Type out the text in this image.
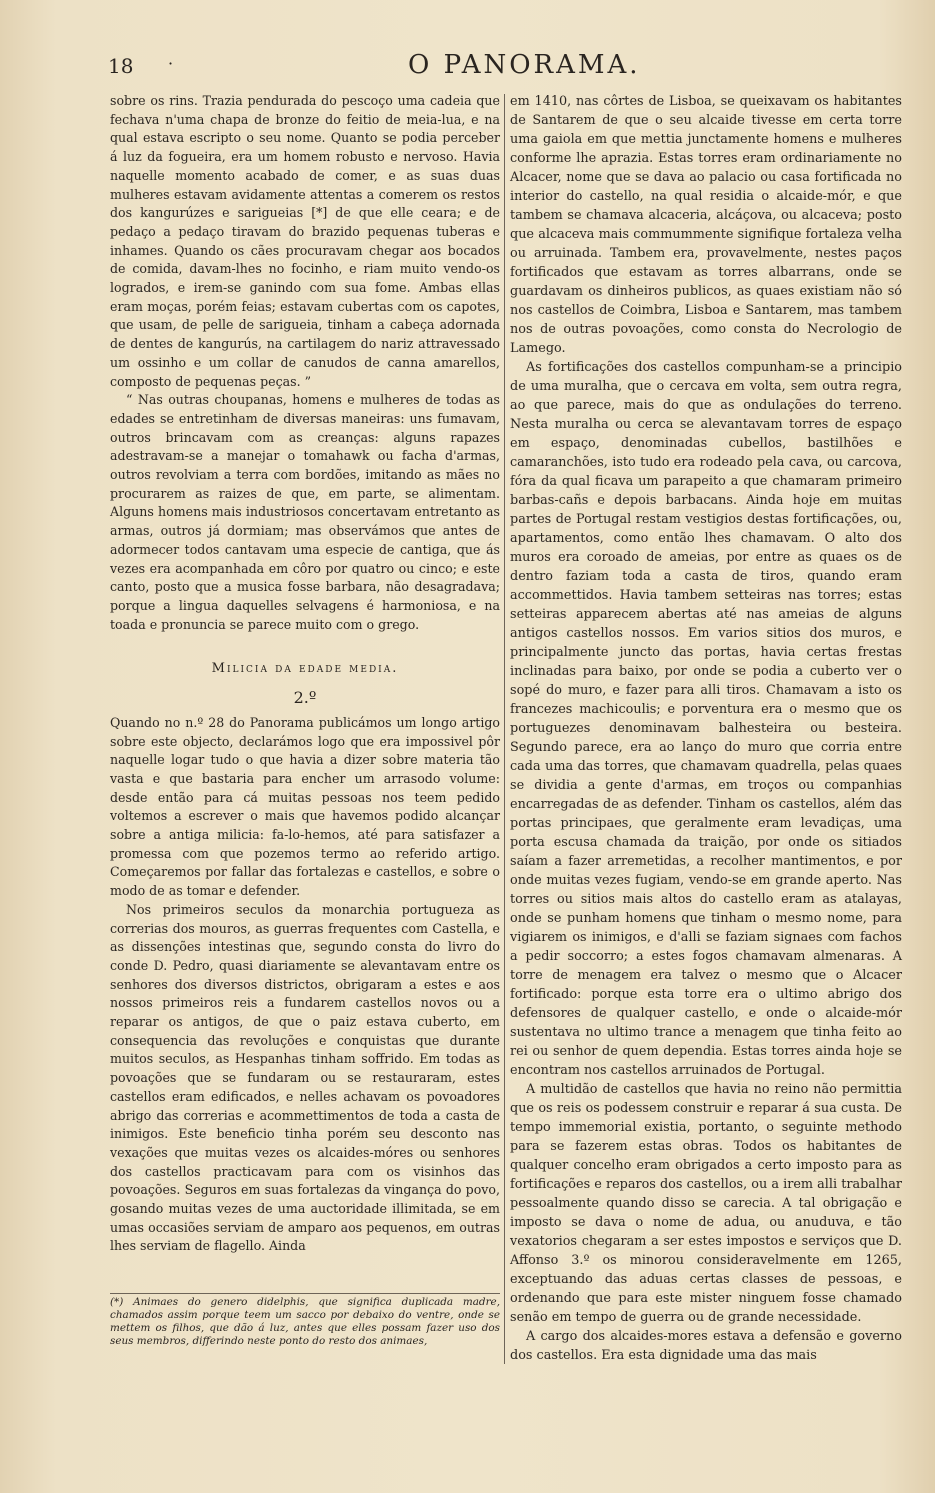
18 ·	O PANORAMA.

sobre os rins. Trazia pendurada do pescoço uma cadeia que fechava n'uma chapa de bronze do feitio de meia-lua, e na qual estava escripto o seu nome. Quanto se podia perceber á luz da fogueira, era um homem robusto e nervoso. Havia naquelle momento acabado de comer, e as suas duas mulheres estavam avidamente attentas a comerem os restos dos kangurúzes e sarigueias [*] de que elle ceara; e de pedaço a pedaço tiravam do brazido pequenas tuberas e inhames. Quando os cães procuravam chegar aos bocados de comida, davam-lhes no focinho, e riam muito vendo-os logrados, e irem-se ganindo com sua fome. Ambas ellas eram moças, porém feias; estavam cubertas com os capotes, que usam, de pelle de sarigueia, tinham a cabeça adornada de dentes de kangurús, na cartilagem do nariz attravessado um ossinho e um collar de canudos de canna amarellos, composto de pequenas peças. ”

“ Nas outras choupanas, homens e mulheres de todas as edades se entretinham de diversas maneiras: uns fumavam, outros brincavam com as creanças: alguns rapazes adestravam-se a manejar o tomahawk ou facha d'armas, outros revolviam a terra com bordões, imitando as mães no procurarem as raizes de que, em parte, se alimentam. Alguns homens mais industriosos concertavam entretanto as armas, outros já dormiam; mas observámos que antes de adormecer todos cantavam uma especie de cantiga, que ás vezes era acompanhada em côro por quatro ou cinco; e este canto, posto que a musica fosse barbara, não desagradava; porque a lingua daquelles selvagens é harmoniosa, e na toada e pronuncia se parece muito com o grego.

Milicia da edade media.

2.º

Quando no n.º 28 do Panorama publicámos um longo artigo sobre este objecto, declarámos logo que era impossivel pôr naquelle logar tudo o que havia a dizer sobre materia tão vasta e que bastaria para encher um arrasodo volume: desde então para cá muitas pessoas nos teem pedido voltemos a escrever o mais que havemos podido alcançar sobre a antiga milicia: fa-lo-hemos, até para satisfazer a promessa com que pozemos termo ao referido artigo. Começaremos por fallar das fortalezas e castellos, e sobre o modo de as tomar e defender.

Nos primeiros seculos da monarchia portugueza as correrias dos mouros, as guerras frequentes com Castella, e as dissenções intestinas que, segundo consta do livro do conde D. Pedro, quasi diariamente se alevantavam entre os senhores dos diversos districtos, obrigaram a estes e aos nossos primeiros reis a fundarem castellos novos ou a reparar os antigos, de que o paiz estava cuberto, em consequencia das revoluções e conquistas que durante muitos seculos, as Hespanhas tinham soffrido. Em todas as povoações que se fundaram ou se restauraram, estes castellos eram edificados, e nelles achavam os povoadores abrigo das correrias e acommettimentos de toda a casta de inimigos. Este beneficio tinha porém seu desconto nas vexações que muitas vezes os alcaides-móres ou senhores dos castellos practicavam para com os visinhos das povoações. Seguros em suas fortalezas da vingança do povo, gosando muitas vezes de uma auctoridade illimitada, se em umas occasiões serviam de amparo aos pequenos, em outras lhes serviam de flagello. Ainda

(*) Animaes do genero didelphis, que significa duplicada madre, chamados assim porque teem um sacco por debaixo do ventre, onde se mettem os filhos, que dão á luz, antes que elles possam fazer uso dos seus membros, differindo neste ponto do resto dos animaes,

em 1410, nas côrtes de Lisboa, se queixavam os habitantes de Santarem de que o seu alcaide tivesse em certa torre uma gaiola em que mettia junctamente homens e mulheres conforme lhe aprazia. Estas torres eram ordinariamente no Alcacer, nome que se dava ao palacio ou casa fortificada no interior do castello, na qual residia o alcaide-mór, e que tambem se chamava alcaceria, alcáçova, ou alcaceva; posto que alcaceva mais commummente signifique fortaleza velha ou arruinada. Tambem era, provavelmente, nestes paços fortificados que estavam as torres albarrans, onde se guardavam os dinheiros publicos, as quaes existiam não só nos castellos de Coimbra, Lisboa e Santarem, mas tambem nos de outras povoações, como consta do Necrologio de Lamego.

As fortificações dos castellos compunham-se a principio de uma muralha, que o cercava em volta, sem outra regra, ao que parece, mais do que as ondulações do terreno. Nesta muralha ou cerca se alevantavam torres de espaço em espaço, denominadas cubellos, bastilhões e camaranchões, isto tudo era rodeado pela cava, ou carcova, fóra da qual ficava um parapeito a que chamaram primeiro barbas-cañs e depois barbacans. Ainda hoje em muitas partes de Portugal restam vestigios destas fortificações, ou, apartamentos, como então lhes chamavam. O alto dos muros era coroado de ameias, por entre as quaes os de dentro faziam toda a casta de tiros, quando eram accommettidos. Havia tambem setteiras nas torres; estas setteiras apparecem abertas até nas ameias de alguns antigos castellos nossos. Em varios sitios dos muros, e principalmente juncto das portas, havia certas frestas inclinadas para baixo, por onde se podia a cuberto ver o sopé do muro, e fazer para alli tiros. Chamavam a isto os francezes machicoulis; e porventura era o mesmo que os portuguezes denominavam balhesteira ou besteira. Segundo parece, era ao lanço do muro que corria entre cada uma das torres, que chamavam quadrella, pelas quaes se dividia a gente d'armas, em troços ou companhias encarregadas de as defender. Tinham os castellos, além das portas principaes, que geralmente eram levadiças, uma porta escusa chamada da traição, por onde os sitiados saíam a fazer arremetidas, a recolher mantimentos, e por onde muitas vezes fugiam, vendo-se em grande aperto. Nas torres ou sitios mais altos do castello eram as atalayas, onde se punham homens que tinham o mesmo nome, para vigiarem os inimigos, e d'alli se faziam signaes com fachos a pedir soccorro; a estes fogos chamavam almenaras. A torre de menagem era talvez o mesmo que o Alcacer fortificado: porque esta torre era o ultimo abrigo dos defensores de qualquer castello, e onde o alcaide-mór sustentava no ultimo trance a menagem que tinha feito ao rei ou senhor de quem dependia. Estas torres ainda hoje se encontram nos castellos arruinados de Portugal.

A multidão de castellos que havia no reino não permittia que os reis os podessem construir e reparar á sua custa. De tempo immemorial existia, portanto, o seguinte methodo para se fazerem estas obras. Todos os habitantes de qualquer concelho eram obrigados a certo imposto para as fortificações e reparos dos castellos, ou a irem alli trabalhar pessoalmente quando disso se carecia. A tal obrigação e imposto se dava o nome de adua, ou anuduva, e tão vexatorios chegaram a ser estes impostos e serviços que D. Affonso 3.º os minorou consideravelmente em 1265, exceptuando das aduas certas classes de pessoas, e ordenando que para este mister ninguem fosse chamado senão em tempo de guerra ou de grande necessidade.

A cargo dos alcaides-mores estava a defensão e governo dos castellos. Era esta dignidade uma das mais
